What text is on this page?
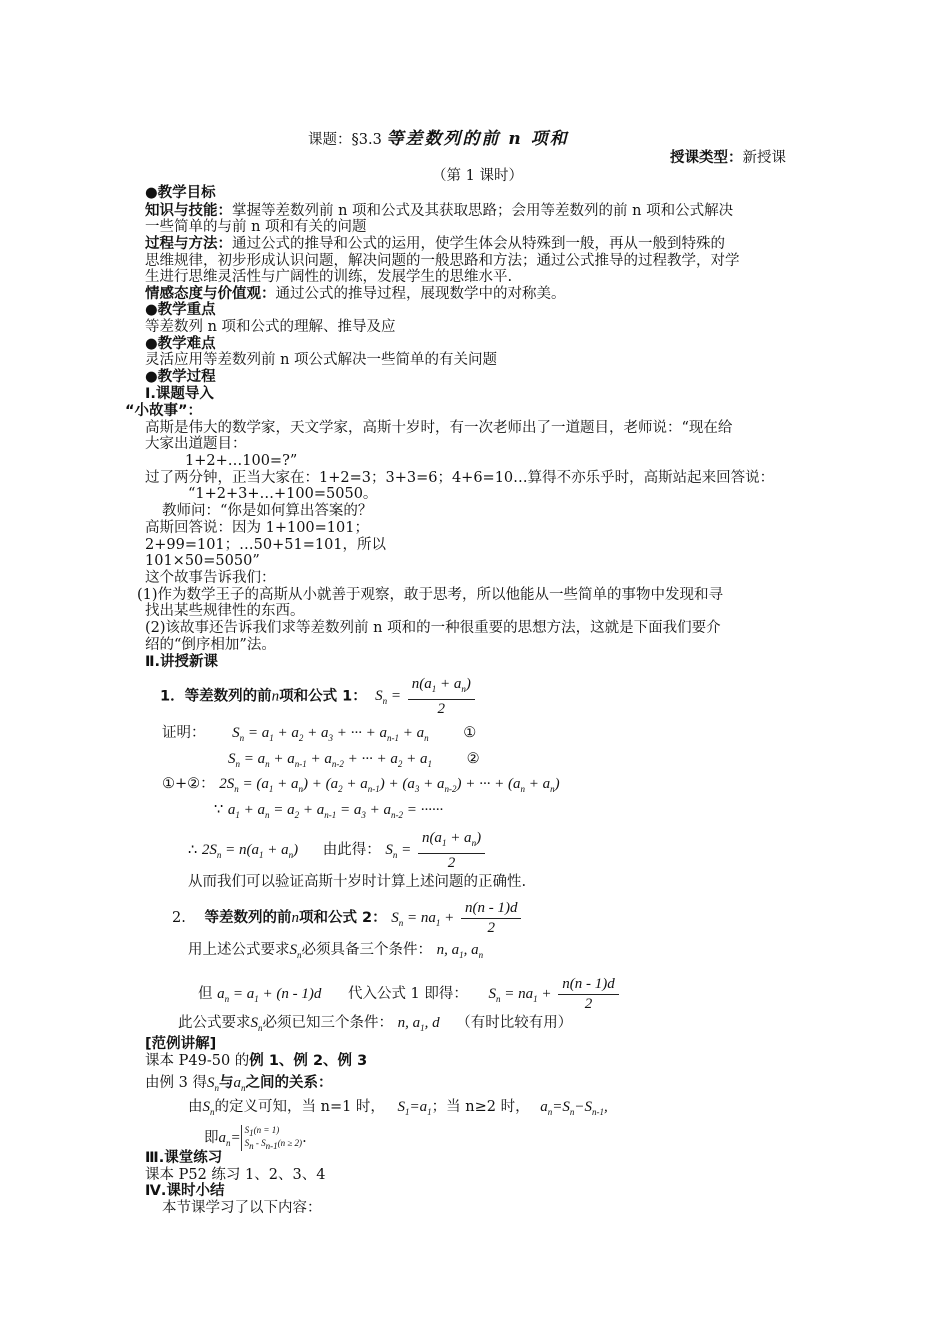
课题：§3.3 等差数列的前 n 项和
授课类型：新授课
（第 1 课时）
●教学目标
知识与技能：掌握等差数列前 n 项和公式及其获取思路；会用等差数列的前 n 项和公式解决
一些简单的与前 n 项和有关的问题
过程与方法：通过公式的推导和公式的运用，使学生体会从特殊到一般，再从一般到特殊的
思维规律，初步形成认识问题，解决问题的一般思路和方法；通过公式推导的过程教学，对学
生进行思维灵活性与广阔性的训练，发展学生的思维水平.
情感态度与价值观：通过公式的推导过程，展现数学中的对称美。
●教学重点
等差数列 n 项和公式的理解、推导及应
●教学难点
灵活应用等差数列前 n 项公式解决一些简单的有关问题
●教学过程
Ⅰ.课题导入
“小故事”：
高斯是伟大的数学家，天文学家，高斯十岁时，有一次老师出了一道题目，老师说：“现在给
大家出道题目：
1+2+…100=?”
过了两分钟，正当大家在：1+2=3；3+3=6；4+6=10…算得不亦乐乎时，高斯站起来回答说：
“1+2+3+…+100=5050。
教师问：“你是如何算出答案的？
高斯回答说：因为 1+100=101；
2+99=101；…50+51=101，所以
101×50=5050”
这个故事告诉我们：
(1)作为数学王子的高斯从小就善于观察，敢于思考，所以他能从一些简单的事物中发现和寻
找出某些规律性的东西。
(2)该故事还告诉我们求等差数列前 n 项和的一种很重要的思想方法，这就是下面我们要介
绍的“倒序相加”法。
Ⅱ.讲授新课
1．等差数列的前n项和公式 1：  $S_n = \frac{n(a_1 + a_n)}{2}$
证明： $S_n = a_1 + a_2 + a_3$ + ··· + $a_{n-1} + a_n$ ①
$S_n = a_n + a_{n-1} + a_{n-2}$ + ··· + $a_2 + a_1$ ②
①+②： $2S_n = (a_1 + a_n) + (a_2 + a_{n-1}) + (a_3 + a_{n-2})$ + ··· + $(a_n + a_n)$
∵ $a_1 + a_n = a_2 + a_{n-1} = a_3 + a_{n-2}$ = ······
∴ $2S_n = n(a_1 + a_n)$ 由此得： $S_n = \frac{n(a_1 + a_n)}{2}$
从而我们可以验证高斯十岁时计算上述问题的正确性.
2. 等差数列的前n项和公式 2： $S_n = na_1 + \frac{n(n - 1)d}{2}$
用上述公式要求$S_n$必须具备三个条件： n, $a_1$, $a_n$
但 $a_n = a_1 + (n - 1)d$ 代入公式 1 即得： $S_n = na_1 + \frac{n(n - 1)d}{2}$
此公式要求$S_n$必须已知三个条件： n, $a_1$, d （有时比较有用）
[范例讲解]
课本 P49-50 的例 1、例 2、例 3
由例 3 得$S_n$与$a_n$之间的关系：
由$S_n$的定义可知，当 n=1 时， $S_1=a_1$；当 n≥2 时， $a_n=S_n-S_{n-1}$,
即$a_n= S_1(n = 1)$
$S_n - S_{n-1}(n \ge 2)$.
Ⅲ.课堂练习
课本 P52 练习 1、2、3、4
Ⅳ.课时小结
本节课学习了以下内容：
